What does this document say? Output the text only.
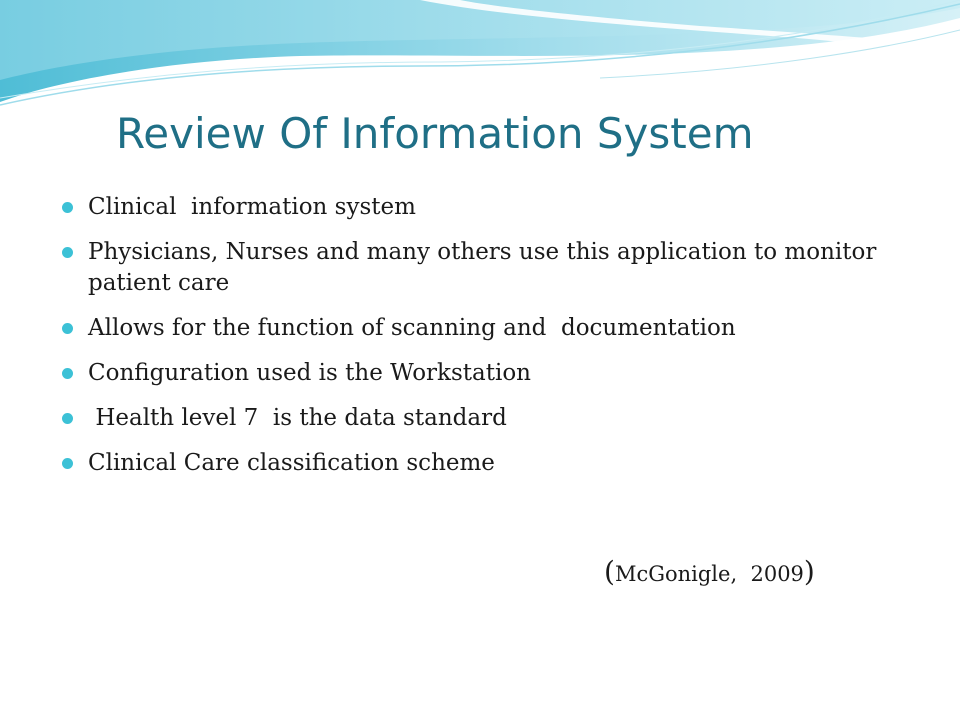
Review Of Information System
Clinical  information system
Physicians, Nurses and many others use this application to monitor patient care
Allows for the function of scanning and  documentation
Configuration used is the Workstation
Health level 7  is the data standard
Clinical Care classification scheme

(McGonigle,  2009)
